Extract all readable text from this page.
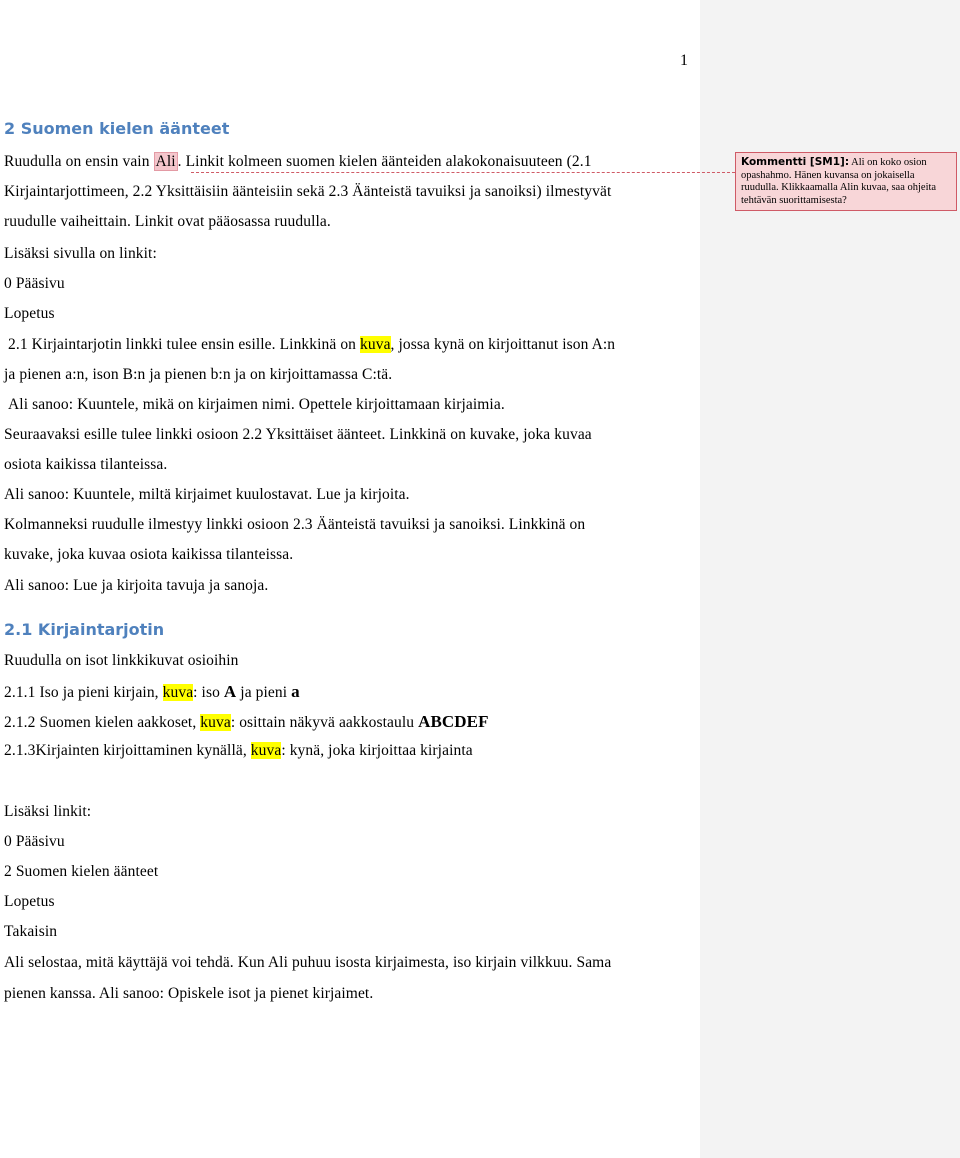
1
2 Suomen kielen äänteet
Ruudulla on ensin vain Ali . Linkit kolmeen suomen kielen äänteiden alakokonaisuuteen (2.1
Kirjaintarjottimeen, 2.2 Yksittäisiin äänteisiin sekä 2.3 Äänteistä tavuiksi ja sanoiksi) ilmestyvät
ruudulle vaiheittain. Linkit ovat pääosassa ruudulla.
Lisäksi sivulla on linkit:
0 Pääsivu
Lopetus
2.1 Kirjaintarjotin linkki tulee ensin esille. Linkkinä on kuva, jossa kynä on kirjoittanut ison A:n
ja pienen a:n, ison B:n ja pienen b:n ja on kirjoittamassa C:tä.
Ali sanoo: Kuuntele, mikä on kirjaimen nimi. Opettele kirjoittamaan kirjaimia.
Seuraavaksi esille tulee linkki osioon 2.2 Yksittäiset äänteet. Linkkinä on kuvake, joka kuvaa
osiota kaikissa tilanteissa.
Ali sanoo: Kuuntele, miltä kirjaimet kuulostavat. Lue ja kirjoita.
Kolmanneksi ruudulle ilmestyy linkki osioon 2.3 Äänteistä tavuiksi ja sanoiksi. Linkkinä on
kuvake, joka kuvaa osiota kaikissa tilanteissa.
Ali sanoo: Lue ja kirjoita tavuja ja sanoja.
2.1 Kirjaintarjotin
Ruudulla on isot linkkikuvat osioihin
2.1.1 Iso ja pieni kirjain, kuva: iso A ja pieni a
2.1.2 Suomen kielen aakkoset, kuva: osittain näkyvä aakkostaulu ABCDEF
2.1.3Kirjainten kirjoittaminen kynällä, kuva: kynä, joka kirjoittaa kirjainta
Lisäksi linkit:
0 Pääsivu
2 Suomen kielen äänteet
Lopetus
Takaisin
Ali selostaa, mitä käyttäjä voi tehdä. Kun Ali puhuu isosta kirjaimesta, iso kirjain vilkkuu. Sama
pienen kanssa. Ali sanoo: Opiskele isot ja pienet kirjaimet.
Kommentti [SM1]: Ali on koko osion opashahmo. Hänen kuvansa on jokaisella ruudulla. Klikkaamalla Alin kuvaa, saa ohjeita tehtävän suorittamisesta?
